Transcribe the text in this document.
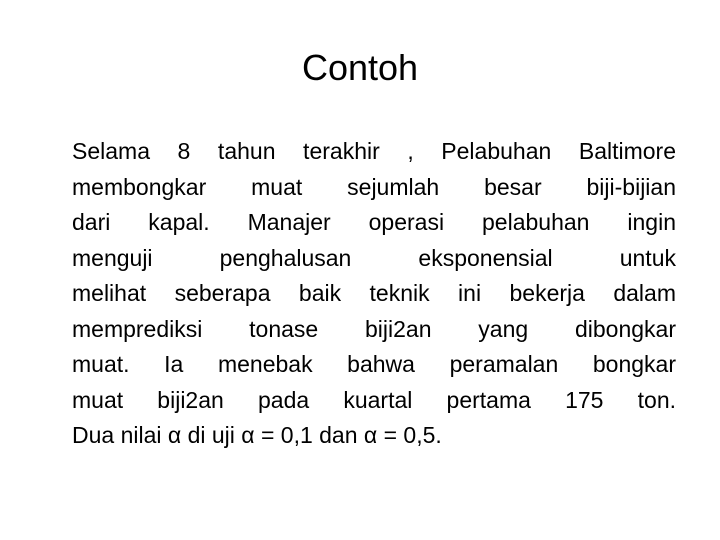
Contoh
Selama 8 tahun terakhir , Pelabuhan Baltimore
membongkar muat sejumlah besar biji-bijian
dari kapal. Manajer operasi pelabuhan ingin
menguji penghalusan eksponensial untuk
melihat seberapa baik teknik ini bekerja dalam
memprediksi tonase biji2an yang dibongkar
muat. Ia menebak bahwa peramalan bongkar
muat biji2an pada kuartal pertama 175 ton.
Dua nilai α di uji α = 0,1 dan α = 0,5.
